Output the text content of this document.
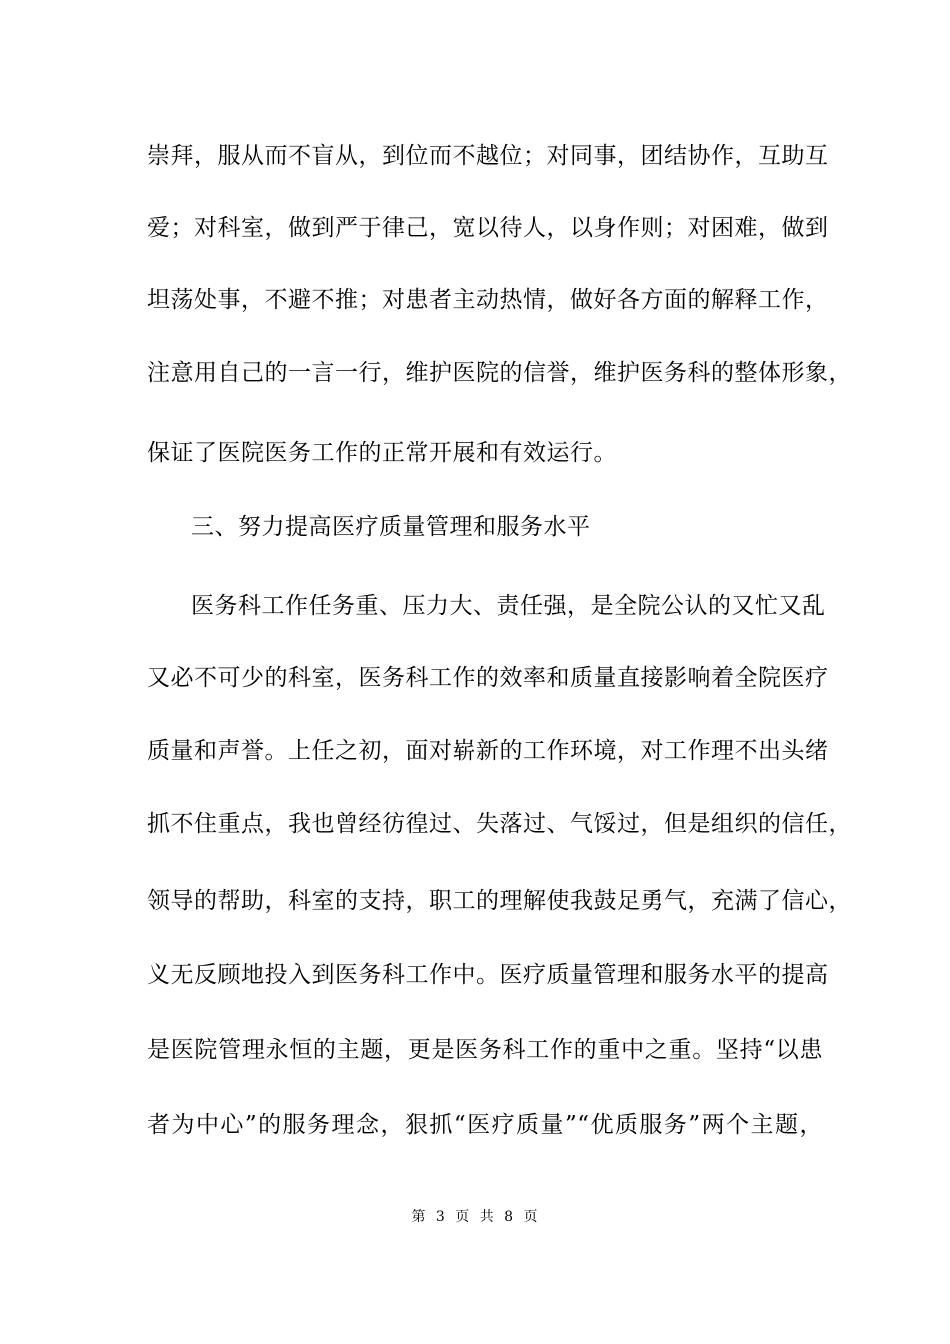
崇拜，服从而不盲从，到位而不越位；对同事，团结协作，互助互
爱；对科室，做到严于律己，宽以待人，以身作则；对困难，做到
坦荡处事，不避不推；对患者主动热情，做好各方面的解释工作，
注意用自己的一言一行，维护医院的信誉，维护医务科的整体形象，
保证了医院医务工作的正常开展和有效运行。
三、努力提高医疗质量管理和服务水平
医务科工作任务重、压力大、责任强，是全院公认的又忙又乱
又必不可少的科室，医务科工作的效率和质量直接影响着全院医疗
质量和声誉。上任之初，面对崭新的工作环境，对工作理不出头绪
抓不住重点，我也曾经彷徨过、失落过、气馁过，但是组织的信任，
领导的帮助，科室的支持，职工的理解使我鼓足勇气，充满了信心，
义无反顾地投入到医务科工作中。医疗质量管理和服务水平的提高
是医院管理永恒的主题，更是医务科工作的重中之重。坚持“以患
者为中心”的服务理念，狠抓“医疗质量”“优质服务”两个主题，
第 3 页 共 8 页
